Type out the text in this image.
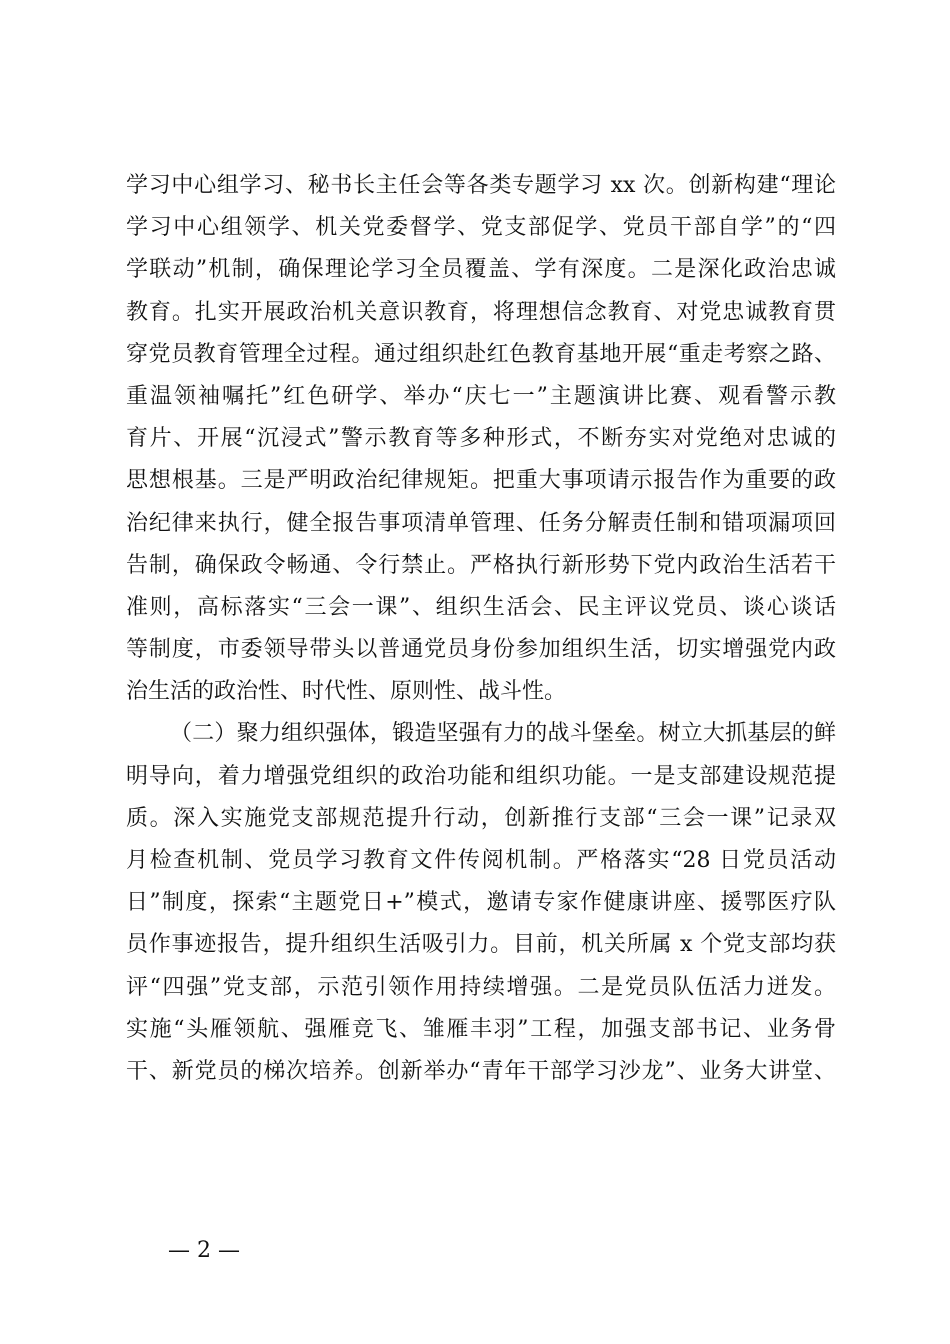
学习中心组学习、秘书长主任会等各类专题学习 xx 次。创新构建“理论
学习中心组领学、机关党委督学、党支部促学、党员干部自学”的“四
学联动”机制，确保理论学习全员覆盖、学有深度。二是深化政治忠诚
教育。扎实开展政治机关意识教育，将理想信念教育、对党忠诚教育贯
穿党员教育管理全过程。通过组织赴红色教育基地开展“重走考察之路、
重温领袖嘱托”红色研学、举办“庆七一”主题演讲比赛、观看警示教
育片、开展“沉浸式”警示教育等多种形式，不断夯实对党绝对忠诚的
思想根基。三是严明政治纪律规矩。把重大事项请示报告作为重要的政
治纪律来执行，健全报告事项清单管理、任务分解责任制和错项漏项回
告制，确保政令畅通、令行禁止。严格执行新形势下党内政治生活若干
准则，高标落实“三会一课”、组织生活会、民主评议党员、谈心谈话
等制度，市委领导带头以普通党员身份参加组织生活，切实增强党内政
治生活的政治性、时代性、原则性、战斗性。
（二）聚力组织强体，锻造坚强有力的战斗堡垒。树立大抓基层的鲜
明导向，着力增强党组织的政治功能和组织功能。一是支部建设规范提
质。深入实施党支部规范提升行动，创新推行支部“三会一课”记录双
月检查机制、党员学习教育文件传阅机制。严格落实“28 日党员活动
日”制度，探索“主题党日+”模式，邀请专家作健康讲座、援鄂医疗队
员作事迹报告，提升组织生活吸引力。目前，机关所属 x 个党支部均获
评“四强”党支部，示范引领作用持续增强。二是党员队伍活力迸发。
实施“头雁领航、强雁竞飞、雏雁丰羽”工程，加强支部书记、业务骨
干、新党员的梯次培养。创新举办“青年干部学习沙龙”、业务大讲堂、
— 2 —
